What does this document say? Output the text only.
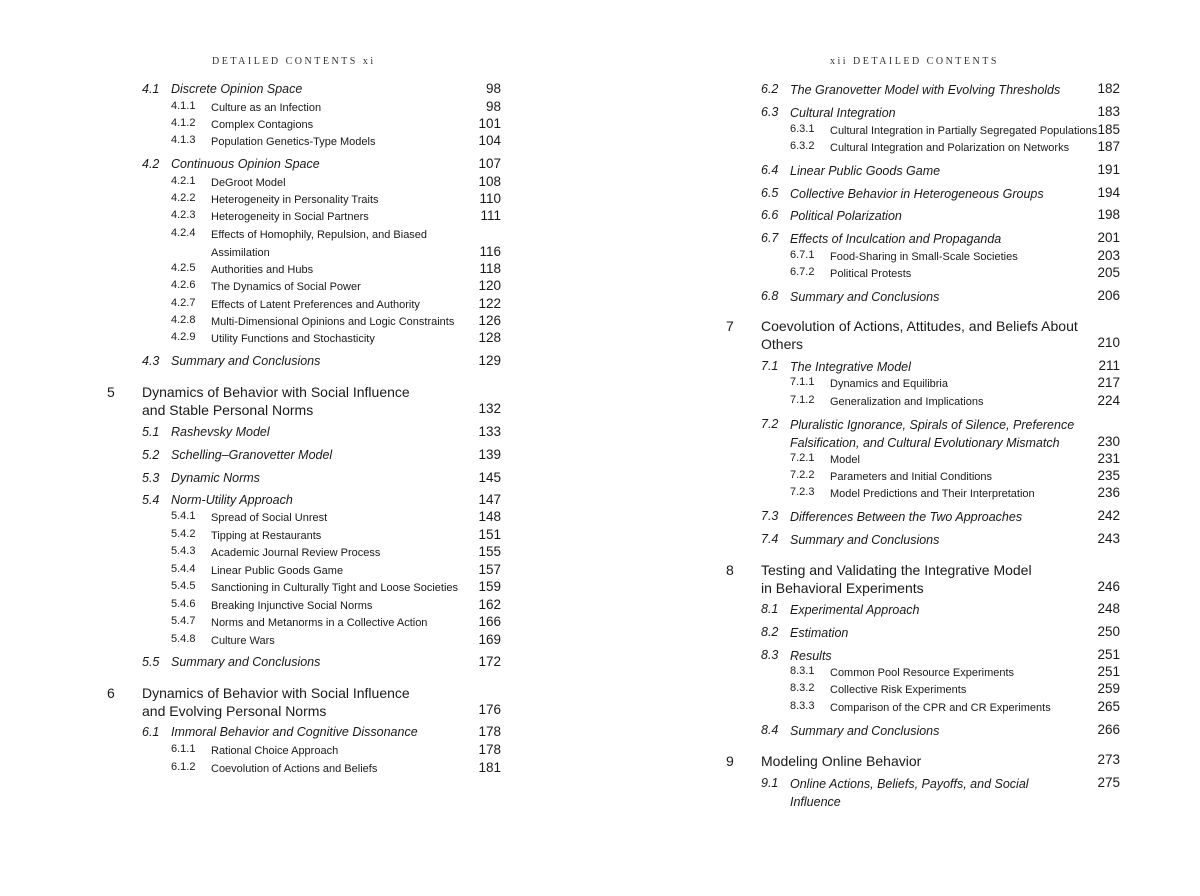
DETAILED CONTENTS xi
4.1 Discrete Opinion Space	98
4.1.1 Culture as an Infection	98
4.1.2 Complex Contagions	101
4.1.3 Population Genetics-Type Models	104
4.2 Continuous Opinion Space	107
4.2.1 DeGroot Model	108
4.2.2 Heterogeneity in Personality Traits	110
4.2.3 Heterogeneity in Social Partners	111
4.2.4 Effects of Homophily, Repulsion, and Biased
Assimilation	116
4.2.5 Authorities and Hubs	118
4.2.6 The Dynamics of Social Power	120
4.2.7 Effects of Latent Preferences and Authority	122
4.2.8 Multi-Dimensional Opinions and Logic Constraints	126
4.2.9 Utility Functions and Stochasticity	128
4.3 Summary and Conclusions	129
5 Dynamics of Behavior with Social Influence
and Stable Personal Norms	132
5.1 Rashevsky Model	133
5.2 Schelling–Granovetter Model	139
5.3 Dynamic Norms	145
5.4 Norm-Utility Approach	147
5.4.1 Spread of Social Unrest	148
5.4.2 Tipping at Restaurants	151
5.4.3 Academic Journal Review Process	155
5.4.4 Linear Public Goods Game	157
5.4.5 Sanctioning in Culturally Tight and Loose Societies	159
5.4.6 Breaking Injunctive Social Norms	162
5.4.7 Norms and Metanorms in a Collective Action	166
5.4.8 Culture Wars	169
5.5 Summary and Conclusions	172
6 Dynamics of Behavior with Social Influence
and Evolving Personal Norms	176
6.1 Immoral Behavior and Cognitive Dissonance	178
6.1.1 Rational Choice Approach	178
6.1.2 Coevolution of Actions and Beliefs	181
xii DETAILED CONTENTS
6.2 The Granovetter Model with Evolving Thresholds	182
6.3 Cultural Integration	183
6.3.1 Cultural Integration in Partially Segregated Populations 185
6.3.2 Cultural Integration and Polarization on Networks	187
6.4 Linear Public Goods Game	191
6.5 Collective Behavior in Heterogeneous Groups	194
6.6 Political Polarization	198
6.7 Effects of Inculcation and Propaganda	201
6.7.1 Food-Sharing in Small-Scale Societies	203
6.7.2 Political Protests	205
6.8 Summary and Conclusions	206
7 Coevolution of Actions, Attitudes, and Beliefs About
Others	210
7.1 The Integrative Model	211
7.1.1 Dynamics and Equilibria	217
7.1.2 Generalization and Implications	224
7.2 Pluralistic Ignorance, Spirals of Silence, Preference
Falsification, and Cultural Evolutionary Mismatch	230
7.2.1 Model	231
7.2.2 Parameters and Initial Conditions	235
7.2.3 Model Predictions and Their Interpretation	236
7.3 Differences Between the Two Approaches	242
7.4 Summary and Conclusions	243
8 Testing and Validating the Integrative Model
in Behavioral Experiments	246
8.1 Experimental Approach	248
8.2 Estimation	250
8.3 Results	251
8.3.1 Common Pool Resource Experiments	251
8.3.2 Collective Risk Experiments	259
8.3.3 Comparison of the CPR and CR Experiments	265
8.4 Summary and Conclusions	266
9 Modeling Online Behavior	273
9.1 Online Actions, Beliefs, Payoffs, and Social Influence
275
